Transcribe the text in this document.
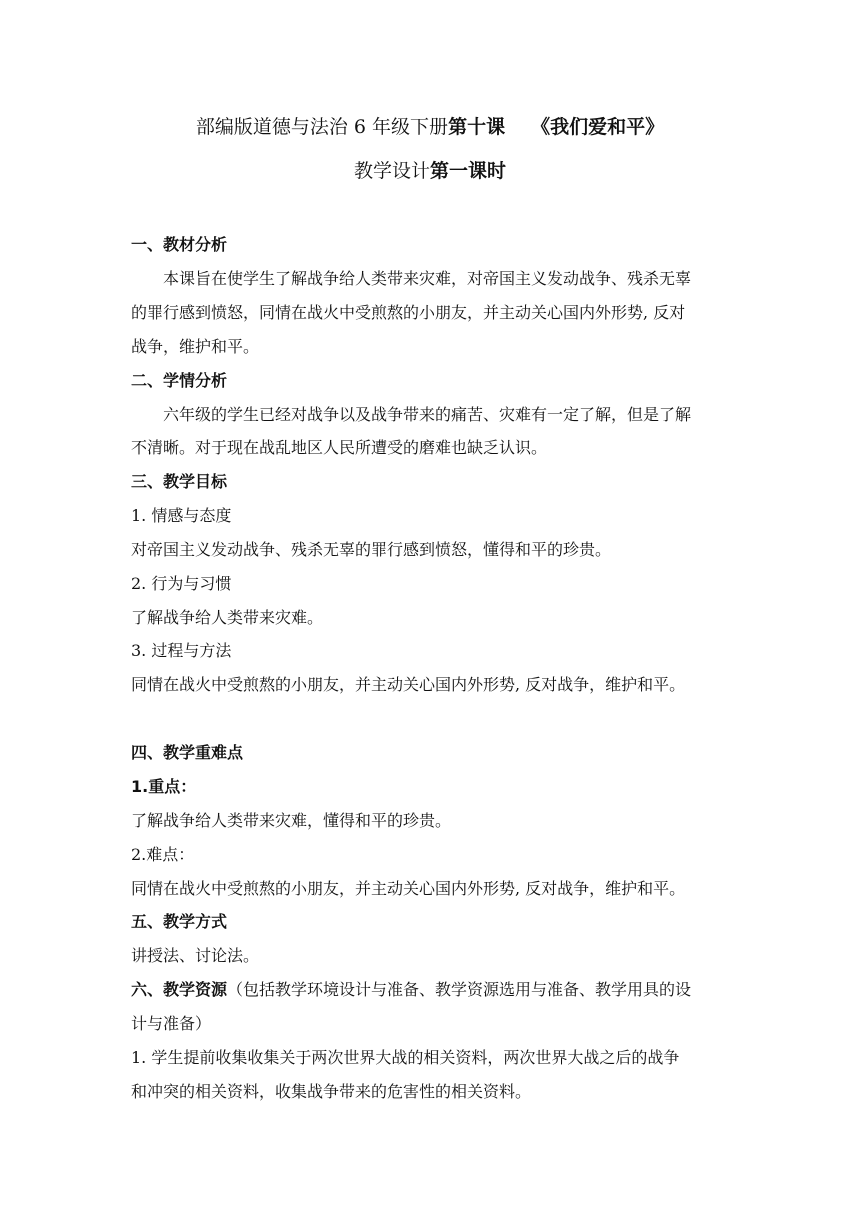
部编版道德与法治 6 年级下册第十课 《我们爱和平》
教学设计第一课时
一、教材分析
本课旨在使学生了解战争给人类带来灾难，对帝国主义发动战争、残杀无辜
的罪行感到愤怒，同情在战火中受煎熬的小朋友，并主动关心国内外形势, 反对
战争，维护和平。
二、学情分析
六年级的学生已经对战争以及战争带来的痛苦、灾难有一定了解，但是了解
不清晰。对于现在战乱地区人民所遭受的磨难也缺乏认识。
三、教学目标
1. 情感与态度
对帝国主义发动战争、残杀无辜的罪行感到愤怒，懂得和平的珍贵。
2. 行为与习惯
了解战争给人类带来灾难。
3. 过程与方法
同情在战火中受煎熬的小朋友，并主动关心国内外形势, 反对战争，维护和平。
四、教学重难点
1.重点：
了解战争给人类带来灾难，懂得和平的珍贵。
2.难点：
同情在战火中受煎熬的小朋友，并主动关心国内外形势, 反对战争，维护和平。
五、教学方式
讲授法、讨论法。
六、教学资源（包括教学环境设计与准备、教学资源选用与准备、教学用具的设
计与准备）
1. 学生提前收集收集关于两次世界大战的相关资料，两次世界大战之后的战争
和冲突的相关资料，收集战争带来的危害性的相关资料。
